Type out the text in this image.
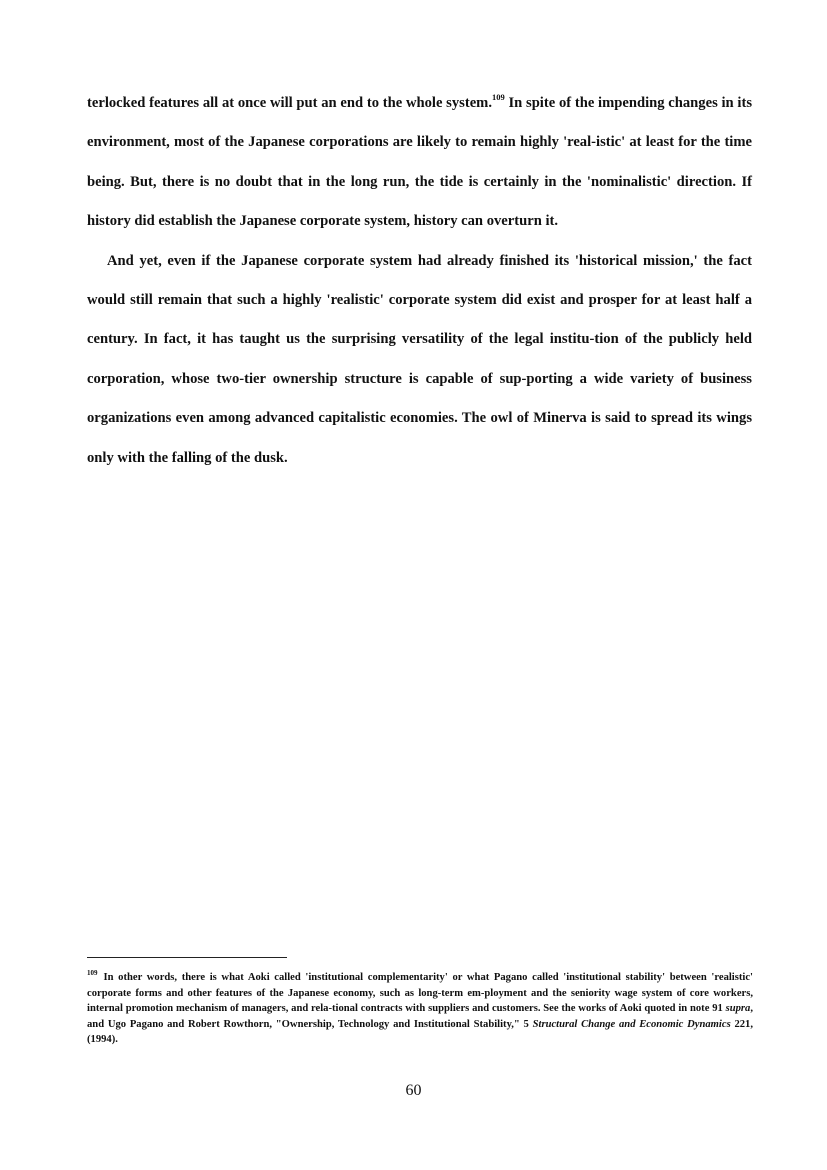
terlocked features all at once will put an end to the whole system.$^{109}$ In spite of the impending changes in its environment, most of the Japanese corporations are likely to remain highly 'real-istic' at least for the time being. But, there is no doubt that in the long run, the tide is certainly in the 'nominalistic' direction. If history did establish the Japanese corporate system, history can overturn it.

And yet, even if the Japanese corporate system had already finished its 'historical mission,' the fact would still remain that such a highly 'realistic' corporate system did exist and prosper for at least half a century. In fact, it has taught us the surprising versatility of the legal institu-tion of the publicly held corporation, whose two-tier ownership structure is capable of sup-porting a wide variety of business organizations even among advanced capitalistic economies. The owl of Minerva is said to spread its wings only with the falling of the dusk.

$^{109}$ In other words, there is what Aoki called 'institutional complementarity' or what Pagano called 'institutional stability' between 'realistic' corporate forms and other features of the Japanese economy, such as long-term em-ployment and the seniority wage system of core workers, internal promotion mechanism of managers, and rela-tional contracts with suppliers and customers. See the works of Aoki quoted in note 91 supra, and Ugo Pagano and Robert Rowthorn, "Ownership, Technology and Institutional Stability," 5 Structural Change and Economic Dynamics 221, (1994).
60
